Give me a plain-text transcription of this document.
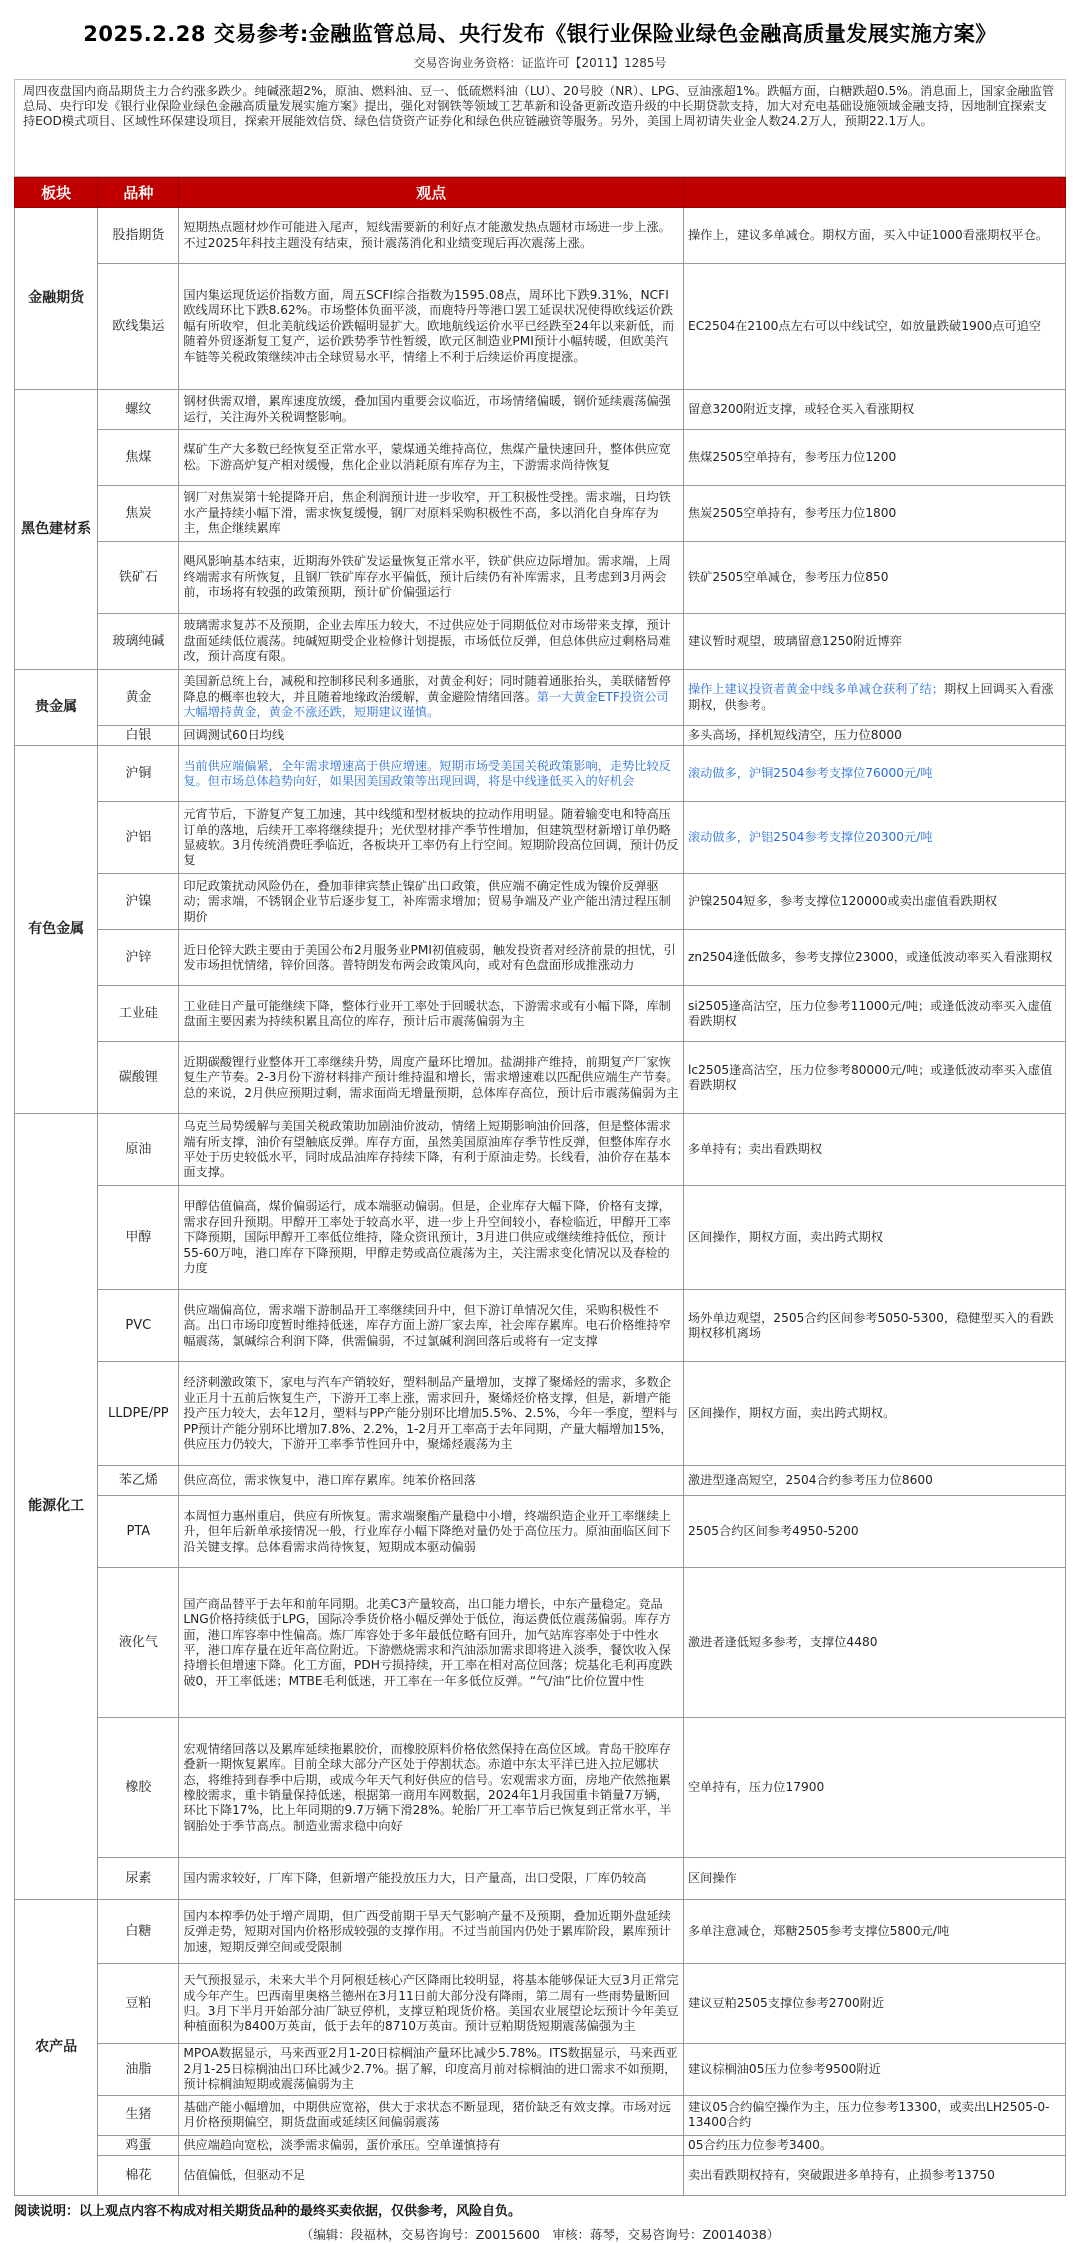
2025.2.28 交易参考:金融监管总局、央行发布《银行业保险业绿色金融高质量发展实施方案》
交易咨询业务资格：证监许可【2011】1285号
周四夜盘国内商品期货主力合约涨多跌少。纯碱涨超2%，原油、燃料油、豆一、低硫燃料油（LU）、20号胶（NR）、LPG、豆油涨超1%。跌幅方面，白糖跌超0.5%。消息面上，国家金融监管总局、央行印发《银行业保险业绿色金融高质量发展实施方案》提出，强化对钢铁等领域工艺革新和设备更新改造升级的中长期贷款支持，加大对充电基础设施领域金融支持，因地制宜探索支持EOD模式项目、区域性环保建设项目，探索开展能效信贷、绿色信贷资产证券化和绿色供应链融资等服务。另外，美国上周初请失业金人数24.2万人，预期22.1万人。
板块	品种	观点	
金融期货	股指期货	短期热点题材炒作可能进入尾声，短线需要新的利好点才能激发热点题材市场进一步上涨。不过2025年科技主题没有结束，预计震荡消化和业绩变现后再次震荡上涨。	操作上，建议多单减仓。期权方面，买入中证1000看涨期权平仓。
	欧线集运	国内集运现货运价指数方面，周五SCFI综合指数为1595.08点，周环比下跌9.31%，NCFI欧线周环比下跌8.62%。市场整体负面平淡，而鹿特丹等港口罢工延误状况使得欧线运价跌幅有所收窄，但北美航线运价跌幅明显扩大。欧地航线运价水平已经跌至24年以来新低，而随着外贸逐渐复工复产，运价跌势季节性暂缓，欧元区制造业PMI预计小幅转暖，但欧美汽车链等关税政策继续冲击全球贸易水平，情绪上不利于后续运价再度提涨。	EC2504在2100点左右可以中线试空，如放量跌破1900点可追空
黑色建材系	螺纹	钢材供需双增，累库速度放缓，叠加国内重要会议临近，市场情绪偏暖，钢价延续震荡偏强运行，关注海外关税调整影响。	留意3200附近支撑，或轻仓买入看涨期权
	焦煤	煤矿生产大多数已经恢复至正常水平，蒙煤通关维持高位，焦煤产量快速回升，整体供应宽松。下游高炉复产相对缓慢，焦化企业以消耗原有库存为主，下游需求尚待恢复	焦煤2505空单持有，参考压力位1200
	焦炭	钢厂对焦炭第十轮提降开启，焦企利润预计进一步收窄，开工积极性受挫。需求端，日均铁水产量持续小幅下滑，需求恢复缓慢，钢厂对原料采购积极性不高，多以消化自身库存为主，焦企继续累库	焦炭2505空单持有，参考压力位1800
	铁矿石	飓风影响基本结束，近期海外铁矿发运量恢复正常水平，铁矿供应边际增加。需求端，上周终端需求有所恢复，且钢厂铁矿库存水平偏低，预计后续仍有补库需求，且考虑到3月两会前，市场将有较强的政策预期，预计矿价偏强运行	铁矿2505空单减仓，参考压力位850
	玻璃纯碱	玻璃需求复苏不及预期，企业去库压力较大，不过供应处于同期低位对市场带来支撑，预计盘面延续低位震荡。纯碱短期受企业检修计划提振，市场低位反弹，但总体供应过剩格局难改，预计高度有限。	建议暂时观望，玻璃留意1250附近博弈
贵金属	黄金	美国新总统上台，减税和控制移民利多通胀，对黄金利好；同时随着通胀抬头，美联储暂停降息的概率也较大，并且随着地缘政治缓解，黄金避险情绪回落。第一大黄金ETF投资公司大幅增持黄金，黄金不涨还跌，短期建议谨慎。	操作上建议投资者黄金中线多单减仓获利了结；期权上回调买入看涨期权，供参考。
	白银	回调测试60日均线	多头高场，择机短线清空，压力位8000
有色金属	沪铜	当前供应端偏紧，全年需求增速高于供应增速。短期市场受美国关税政策影响，走势比较反复。但市场总体趋势向好，如果因美国政策等出现回调，将是中线逢低买入的好机会	滚动做多，沪铜2504参考支撑位76000元/吨
	沪铝	元宵节后，下游复产复工加速，其中线缆和型材板块的拉动作用明显。随着输变电和特高压订单的落地，后续开工率将继续提升；光伏型材排产季节性增加，但建筑型材新增订单仍略显疲软。3月传统消费旺季临近，各板块开工率仍有上行空间。短期阶段高位回调，预计仍反复	滚动做多，沪铝2504参考支撑位20300元/吨
	沪镍	印尼政策扰动风险仍在，叠加菲律宾禁止镍矿出口政策，供应端不确定性成为镍价反弹驱动；需求端，不锈钢企业节后逐步复工，补库需求增加；贸易争端及产业产能出清过程压制期价	沪镍2504短多，参考支撑位120000或卖出虚值看跌期权
	沪锌	近日伦锌大跌主要由于美国公布2月服务业PMI初值疲弱，触发投资者对经济前景的担忧，引发市场担忧情绪，锌价回落。普特朗发布两会政策风向，或对有色盘面形成推涨动力	zn2504逢低做多，参考支撑位23000，或逢低波动率买入看涨期权
	工业硅	工业硅日产量可能继续下降，整体行业开工率处于回暖状态，下游需求或有小幅下降，库制盘面主要因素为持续积累且高位的库存，预计后市震荡偏弱为主	si2505逢高沽空，压力位参考11000元/吨；或逢低波动率买入虚值看跌期权
	碳酸锂	近期碳酸锂行业整体开工率继续升势，周度产量环比增加。盐湖排产维持，前期复产厂家恢复生产节奏。2-3月份下游材料排产预计维持温和增长，需求增速难以匹配供应端生产节奏。总的来说，2月供应预期过剩，需求面尚无增量预期，总体库存高位，预计后市震荡偏弱为主	lc2505逢高沽空，压力位参考80000元/吨；或逢低波动率买入虚值看跌期权
能源化工	原油	乌克兰局势缓解与美国关税政策助加剧油价波动，情绪上短期影响油价回落，但是整体需求端有所支撑，油价有望触底反弹。库存方面，虽然美国原油库存季节性反弹，但整体库存水平处于历史较低水平，同时成品油库存持续下降，有利于原油走势。长线看，油价存在基本面支撑。	多单持有；卖出看跌期权
	甲醇	甲醇估值偏高，煤价偏弱运行，成本端驱动偏弱。但是，企业库存大幅下降，价格有支撑，需求存回升预期。甲醇开工率处于较高水平，进一步上升空间较小，春检临近，甲醇开工率下降预期，国际甲醇开工率低位维持，隆众资讯预计，3月进口供应或继续维持低位，预计55-60万吨，港口库存下降预期，甲醇走势或高位震荡为主，关注需求变化情况以及春检的力度	区间操作，期权方面，卖出跨式期权
	PVC	供应端偏高位，需求端下游制品开工率继续回升中，但下游订单情况欠佳，采购积极性不高。出口市场印度暂时维持低迷，库存方面上游厂家去库，社会库存累库。电石价格维持窄幅震荡，氯碱综合利润下降，供需偏弱，不过氯碱利润回落后或将有一定支撑	场外单边观望，2505合约区间参考5050-5300，稳健型买入的看跌期权移机离场
	LLDPE/PP	经济刺激政策下，家电与汽车产销较好，塑料制品产量增加，支撑了聚烯烃的需求，多数企业正月十五前后恢复生产，下游开工率上涨，需求回升，聚烯烃价格支撑，但是，新增产能投产压力较大，去年12月，塑料与PP产能分别环比增加5.5%、2.5%，今年一季度，塑料与PP预计产能分别环比增加7.8%、2.2%，1-2月开工率高于去年同期，产量大幅增加15%，供应压力仍较大，下游开工率季节性回升中，聚烯烃震荡为主	区间操作，期权方面，卖出跨式期权。
	苯乙烯	供应高位，需求恢复中，港口库存累库。纯苯价格回落	激进型逢高短空，2504合约参考压力位8600
	PTA	本周恒力惠州重启，供应有所恢复。需求端聚酯产量稳中小增，终端织造企业开工率继续上升，但年后新单承接情况一般，行业库存小幅下降绝对量仍处于高位压力。原油面临区间下沿关键支撑。总体看需求尚待恢复，短期成本驱动偏弱	2505合约区间参考4950-5200
	液化气	国产商品替平于去年和前年同期。北美C3产量较高，出口能力增长，中东产量稳定。竞品LNG价格持续低于LPG，国际冷季货价格小幅反弹处于低位，海运费低位震荡偏弱。库存方面，港口库容率中性偏高。炼厂库容处于多年最低位略有回升，加气站库容率处于中性水平，港口库存量在近年高位附近。下游燃烧需求和汽油添加需求即将进入淡季，餐饮收入保持增长但增速下降。化工方面，PDH亏损持续，开工率在相对高位回落；烷基化毛利再度跌破0，开工率低迷；MTBE毛利低迷，开工率在一年多低位反弹。“气/油”比价位置中性	激进者逢低短多参考，支撑位4480
	橡胶	宏观情绪回落以及累库延续拖累胶价，而橡胶原料价格依然保持在高位区域。青岛干胶库存叠新一期恢复累库。目前全球大部分产区处于停割状态。赤道中东太平洋已进入拉尼娜状态，将维持到春季中后期，或成今年天气利好供应的信号。宏观需求方面，房地产依然拖累橡胶需求，重卡销量保持低迷，根据第一商用车网数据，2024年1月我国重卡销量7万辆，环比下降17%，比上年同期的9.7万辆下滑28%。轮胎厂开工率节后已恢复到正常水平，半钢胎处于季节高点。制造业需求稳中向好	空单持有，压力位17900
	尿素	国内需求较好，厂库下降，但新增产能投放压力大，日产量高，出口受限，厂库仍较高	区间操作
农产品	白糖	国内本榨季仍处于增产周期，但广西受前期干旱天气影响产量不及预期，叠加近期外盘延续反弹走势，短期对国内价格形成较强的支撑作用。不过当前国内仍处于累库阶段，累库预计加速，短期反弹空间或受限制	多单注意减仓，郑糖2505参考支撑位5800元/吨
	豆粕	天气预报显示，未来大半个月阿根廷核心产区降雨比较明显，将基本能够保证大豆3月正常完成今年产生。巴西南里奥格兰德州在3月11日前大部分没有降雨，第二周有一些雨势量断回归。3月下半月开始部分油厂缺豆停机，支撑豆粕现货价格。美国农业展望论坛预计今年美豆种植面积为8400万英亩，低于去年的8710万英亩。预计豆粕期货短期震荡偏强为主	建议豆粕2505支撑位参考2700附近
	油脂	MPOA数据显示，马来西亚2月1-20日棕榈油产量环比减少5.78%。ITS数据显示，马来西亚2月1-25日棕榈油出口环比减少2.7%。据了解，印度高月前对棕榈油的进口需求不如预期，预计棕榈油短期或震荡偏弱为主	建议棕榈油05压力位参考9500附近
	生猪	基础产能小幅增加，中期供应宽裕，供大于求状态不断显现，猪价缺乏有效支撑。市场对远月价格预期偏空，期货盘面或延续区间偏弱震荡	建议05合约偏空操作为主，压力位参考13300，或卖出LH2505-0-13400合约
	鸡蛋	供应端趋向宽松，淡季需求偏弱，蛋价承压。空单谨慎持有	05合约压力位参考3400。
	棉花	估值偏低，但驱动不足	卖出看跌期权持有，突破跟进多单持有，止损参考13750
阅读说明：以上观点内容不构成对相关期货品种的最终买卖依据，仅供参考，风险自负。
（编辑：段福林，交易咨询号：Z0015600　审核：蒋琴，交易咨询号：Z0014038）
